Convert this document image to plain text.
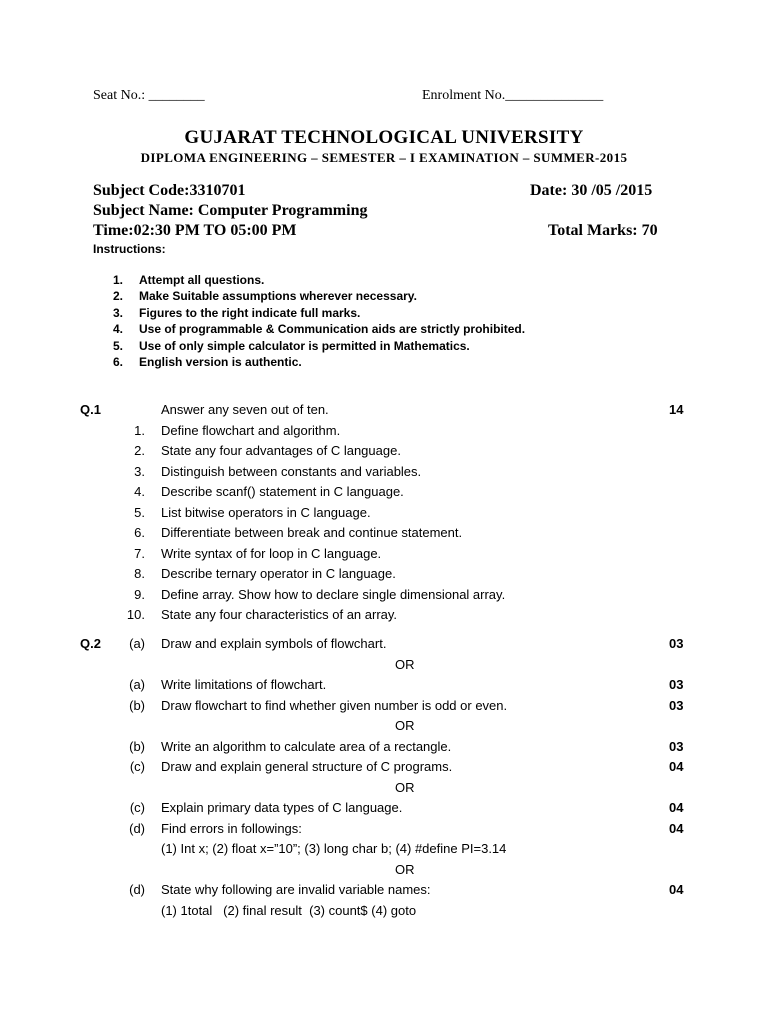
Seat No.: ________	Enrolment No.______________
GUJARAT TECHNOLOGICAL UNIVERSITY
DIPLOMA ENGINEERING – SEMESTER – I EXAMINATION – SUMMER-2015
Subject Code:3310701	Date: 30 /05 /2015
Subject Name: Computer Programming
Time:02:30 PM TO 05:00 PM	Total Marks: 70
Instructions:
1. Attempt all questions.
2. Make Suitable assumptions wherever necessary.
3. Figures to the right indicate full marks.
4. Use of programmable & Communication aids are strictly prohibited.
5. Use of only simple calculator is permitted in Mathematics.
6. English version is authentic.
Q.1	Answer any seven out of ten.	14
1. Define flowchart and algorithm.
2. State any four advantages of C language.
3. Distinguish between constants and variables.
4. Describe scanf() statement in C language.
5. List bitwise operators in C language.
6. Differentiate between break and continue statement.
7. Write syntax of for loop in C language.
8. Describe ternary operator in C language.
9. Define array. Show how to declare single dimensional array.
10. State any four characteristics of an array.
Q.2	(a) Draw and explain symbols of flowchart.	03
OR
(a) Write limitations of flowchart.	03
(b) Draw flowchart to find whether given number is odd or even.	03
OR
(b) Write an algorithm to calculate area of a rectangle.	03
(c) Draw and explain general structure of C programs.	04
OR
(c) Explain primary data types of C language.	04
(d) Find errors in followings:	04
(1) Int x; (2) float x=”10”; (3) long char b; (4) #define PI=3.14
OR
(d) State why following are invalid variable names:	04
(1) 1total   (2) final result  (3) count$ (4) goto
